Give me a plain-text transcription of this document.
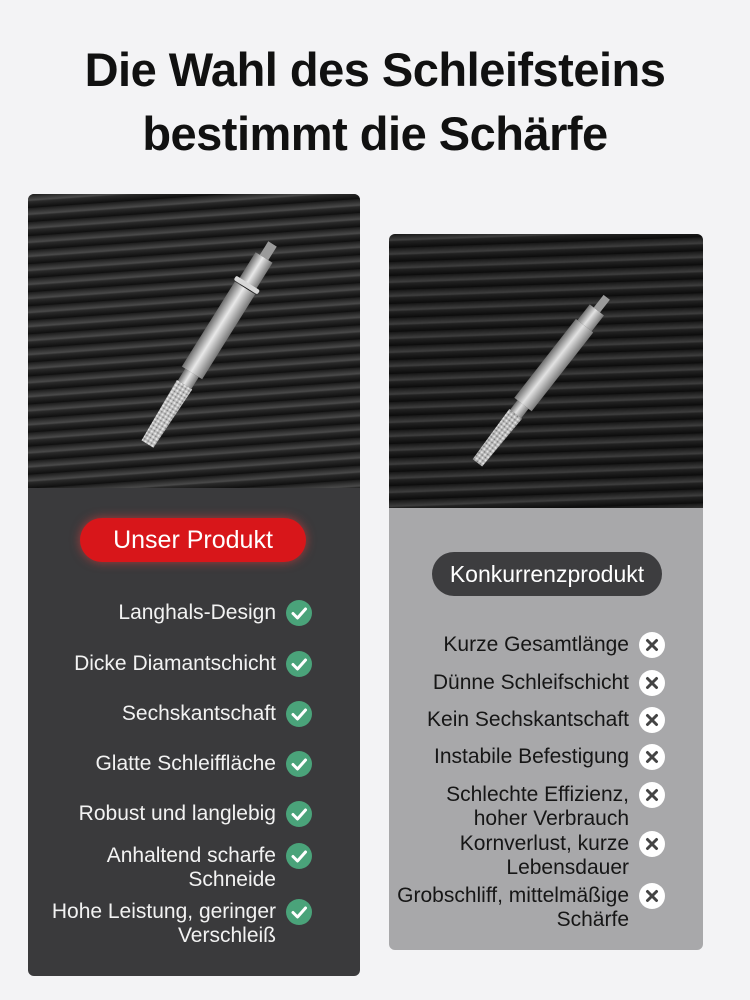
Die Wahl des Schleifsteins
bestimmt die Schärfe
Unser Produkt
Langhals-Design
Dicke Diamantschicht
Sechskantschaft
Glatte Schleiffläche
Robust und langlebig
Anhaltend scharfe
Schneide
Hohe Leistung, geringer
Verschleiß
Konkurrenzprodukt
Kurze Gesamtlänge
Dünne Schleifschicht
Kein Sechskantschaft
Instabile Befestigung
Schlechte Effizienz,
hoher Verbrauch
Kornverlust, kurze
Lebensdauer
Grobschliff, mittelmäßige
Schärfe
